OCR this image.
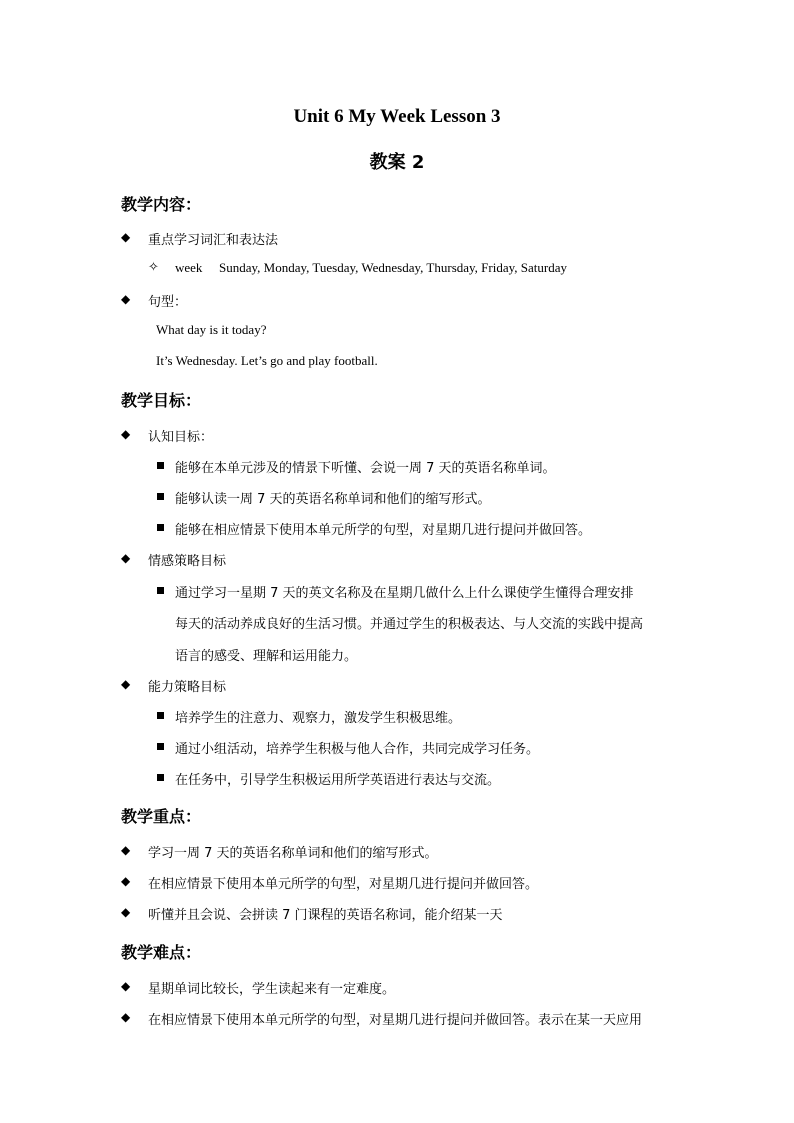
Unit 6 My Week Lesson 3
教案 2
教学内容：
◆ 重点学习词汇和表达法
✧ week Sunday, Monday, Tuesday, Wednesday, Thursday, Friday, Saturday
◆ 句型：
What day is it today?
It’s Wednesday. Let’s go and play football.
教学目标：
◆ 认知目标：
能够在本单元涉及的情景下听懂、会说一周 7 天的英语名称单词。
能够认读一周 7 天的英语名称单词和他们的缩写形式。
能够在相应情景下使用本单元所学的句型，对星期几进行提问并做回答。
◆ 情感策略目标
通过学习一星期 7 天的英文名称及在星期几做什么上什么课使学生懂得合理安排
每天的活动养成良好的生活习惯。并通过学生的积极表达、与人交流的实践中提高
语言的感受、理解和运用能力。
◆ 能力策略目标
培养学生的注意力、观察力，激发学生积极思维。
通过小组活动，培养学生积极与他人合作，共同完成学习任务。
在任务中，引导学生积极运用所学英语进行表达与交流。
教学重点：
◆ 学习一周 7 天的英语名称单词和他们的缩写形式。
◆ 在相应情景下使用本单元所学的句型，对星期几进行提问并做回答。
◆ 听懂并且会说、会拼读 7 门课程的英语名称词，能介绍某一天
教学难点：
◆ 星期单词比较长，学生读起来有一定难度。
◆ 在相应情景下使用本单元所学的句型，对星期几进行提问并做回答。表示在某一天应用
